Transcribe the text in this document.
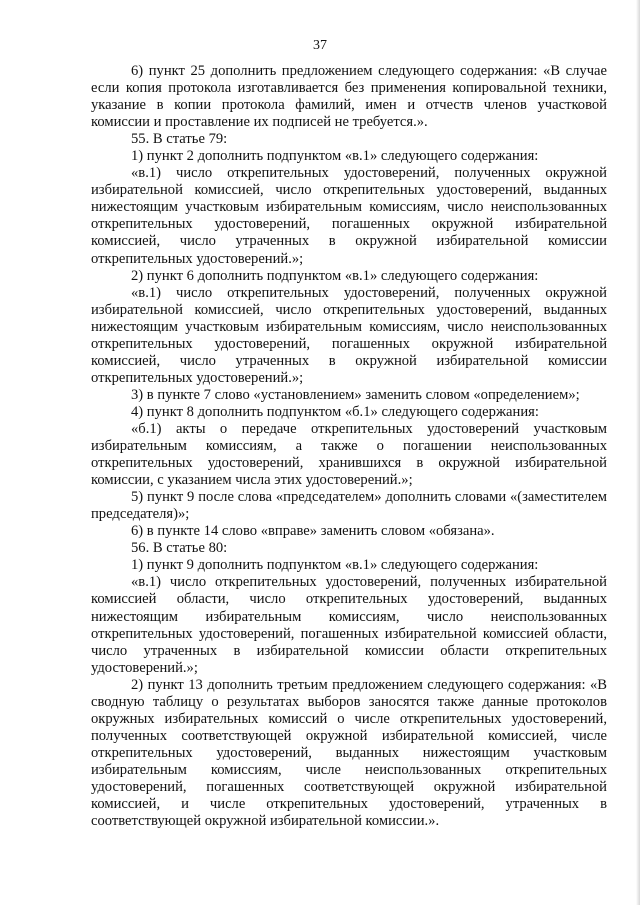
37

6) пункт 25 дополнить предложением следующего содержания: «В случае если копия протокола изготавливается без применения копировальной техники, указание в копии протокола фамилий, имен и отчеств членов участковой комиссии и проставление их подписей не требуется.».

55. В статье 79:

1) пункт 2 дополнить подпунктом «в.1» следующего содержания:

«в.1) число открепительных удостоверений, полученных окружной избирательной комиссией, число открепительных удостоверений, выданных нижестоящим участковым избирательным комиссиям, число неиспользованных открепительных удостоверений, погашенных окружной избирательной комиссией, число утраченных в окружной избирательной комиссии открепительных удостоверений.»;

2) пункт 6 дополнить подпунктом «в.1» следующего содержания:

«в.1) число открепительных удостоверений, полученных окружной избирательной комиссией, число открепительных удостоверений, выданных нижестоящим участковым избирательным комиссиям, число неиспользованных открепительных удостоверений, погашенных окружной избирательной комиссией, число утраченных в окружной избирательной комиссии открепительных удостоверений.»;

3) в пункте 7 слово «установлением» заменить словом «определением»;

4) пункт 8 дополнить подпунктом «б.1» следующего содержания:

«б.1) акты о передаче открепительных удостоверений участковым избирательным комиссиям, а также о погашении неиспользованных открепительных удостоверений, хранившихся в окружной избирательной комиссии, с указанием числа этих удостоверений.»;

5) пункт 9 после слова «председателем» дополнить словами «(заместителем председателя)»;

6) в пункте 14 слово «вправе» заменить словом «обязана».

56. В статье 80:

1) пункт 9 дополнить подпунктом «в.1» следующего содержания:

«в.1) число открепительных удостоверений, полученных избирательной комиссией области, число открепительных удостоверений, выданных нижестоящим избирательным комиссиям, число неиспользованных открепительных удостоверений, погашенных избирательной комиссией области, число утраченных в избирательной комиссии области открепительных удостоверений.»;

2) пункт 13 дополнить третьим предложением следующего содержания: «В сводную таблицу о результатах выборов заносятся также данные протоколов окружных избирательных комиссий о числе открепительных удостоверений, полученных соответствующей окружной избирательной комиссией, числе открепительных удостоверений, выданных нижестоящим участковым избирательным комиссиям, числе неиспользованных открепительных удостоверений, погашенных соответствующей окружной избирательной комиссией, и числе открепительных удостоверений, утраченных в соответствующей окружной избирательной комиссии.».
